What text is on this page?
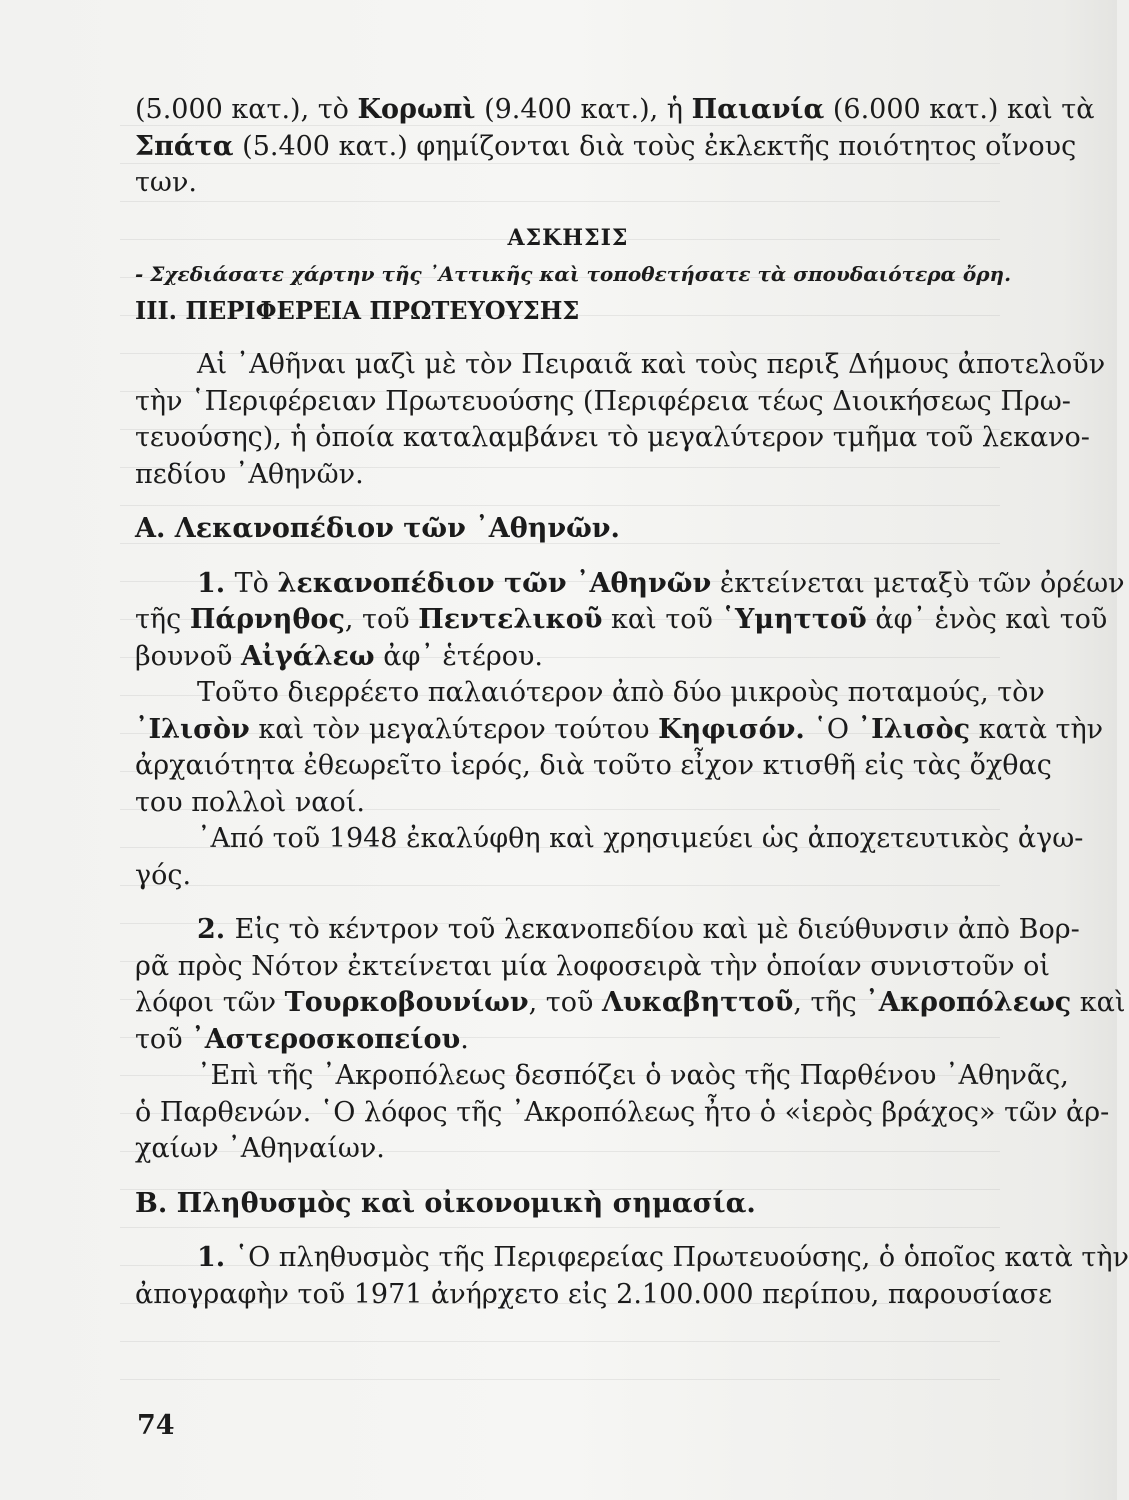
(5.000 κατ.), τὸ Κορωπὶ (9.400 κατ.), ἡ Παιανία (6.000 κατ.) καὶ τὰ
Σπάτα (5.400 κατ.) φημίζονται διὰ τοὺς ἐκλεκτῆς ποιότητος οἴνους
των.
ΑΣΚΗΣΙΣ
- Σχεδιάσατε χάρτην τῆς ᾿Αττικῆς καὶ τοποθετήσατε τὰ σπουδαιότερα ὄρη.
ΙΙΙ. ΠΕΡΙΦΕΡΕΙΑ ΠΡΩΤΕΥΟΥΣΗΣ
Αἱ ᾿Αθῆναι μαζὶ μὲ τὸν Πειραιᾶ καὶ τοὺς περιξ Δήμους ἀποτελοῦν
τὴν ῾Περιφέρειαν Πρωτευούσης (Περιφέρεια τέως Διοικήσεως Πρω-
τευούσης), ἡ ὁποία καταλαμβάνει τὸ μεγαλύτερον τμῆμα τοῦ λεκανο-
πεδίου ᾿Αθηνῶν.
Α. Λεκανοπέδιον τῶν ᾿Αθηνῶν.
1. Τὸ λεκανοπέδιον τῶν ᾿Αθηνῶν ἐκτείνεται μεταξὺ τῶν ὀρέων
τῆς Πάρνηθος, τοῦ Πεντελικοῦ καὶ τοῦ ῾Υμηττοῦ ἀφ᾿ ἑνὸς καὶ τοῦ
βουνοῦ Αἰγάλεω ἀφ᾿ ἑτέρου.
Τοῦτο διερρέετο παλαιότερον ἀπὸ δύο μικροὺς ποταμούς, τὸν
᾿Ιλισὸν καὶ τὸν μεγαλύτερον τούτου Κηφισόν. ῾Ο ᾿Ιλισὸς κατὰ τὴν
ἀρχαιότητα ἐθεωρεῖτο ἱερός, διὰ τοῦτο εἶχον κτισθῆ εἰς τὰς ὄχθας
του πολλοὶ ναοί.
᾿Από τοῦ 1948 ἐκαλύφθη καὶ χρησιμεύει ὡς ἀποχετευτικὸς ἀγω-
γός.
2. Εἰς τὸ κέντρον τοῦ λεκανοπεδίου καὶ μὲ διεύθυνσιν ἀπὸ Βορ-
ρᾶ πρὸς Νότον ἐκτείνεται μία λοφοσειρὰ τὴν ὁποίαν συνιστοῦν οἱ
λόφοι τῶν Τουρκοβουνίων, τοῦ Λυκαβηττοῦ, τῆς ᾿Ακροπόλεως καὶ
τοῦ ᾿Αστεροσκοπείου.
᾿Επὶ τῆς ᾿Ακροπόλεως δεσπόζει ὁ ναὸς τῆς Παρθένου ᾿Αθηνᾶς,
ὁ Παρθενών. ῾Ο λόφος τῆς ᾿Ακροπόλεως ἦτο ὁ «ἱερὸς βράχος» τῶν ἀρ-
χαίων ᾿Αθηναίων.
Β. Πληθυσμὸς καὶ οἰκονομικὴ σημασία.
1. ῾Ο πληθυσμὸς τῆς Περιφερείας Πρωτευούσης, ὁ ὁποῖος κατὰ τὴν
ἀπογραφὴν τοῦ 1971 ἀνήρχετο εἰς 2.100.000 περίπου, παρουσίασε
74
